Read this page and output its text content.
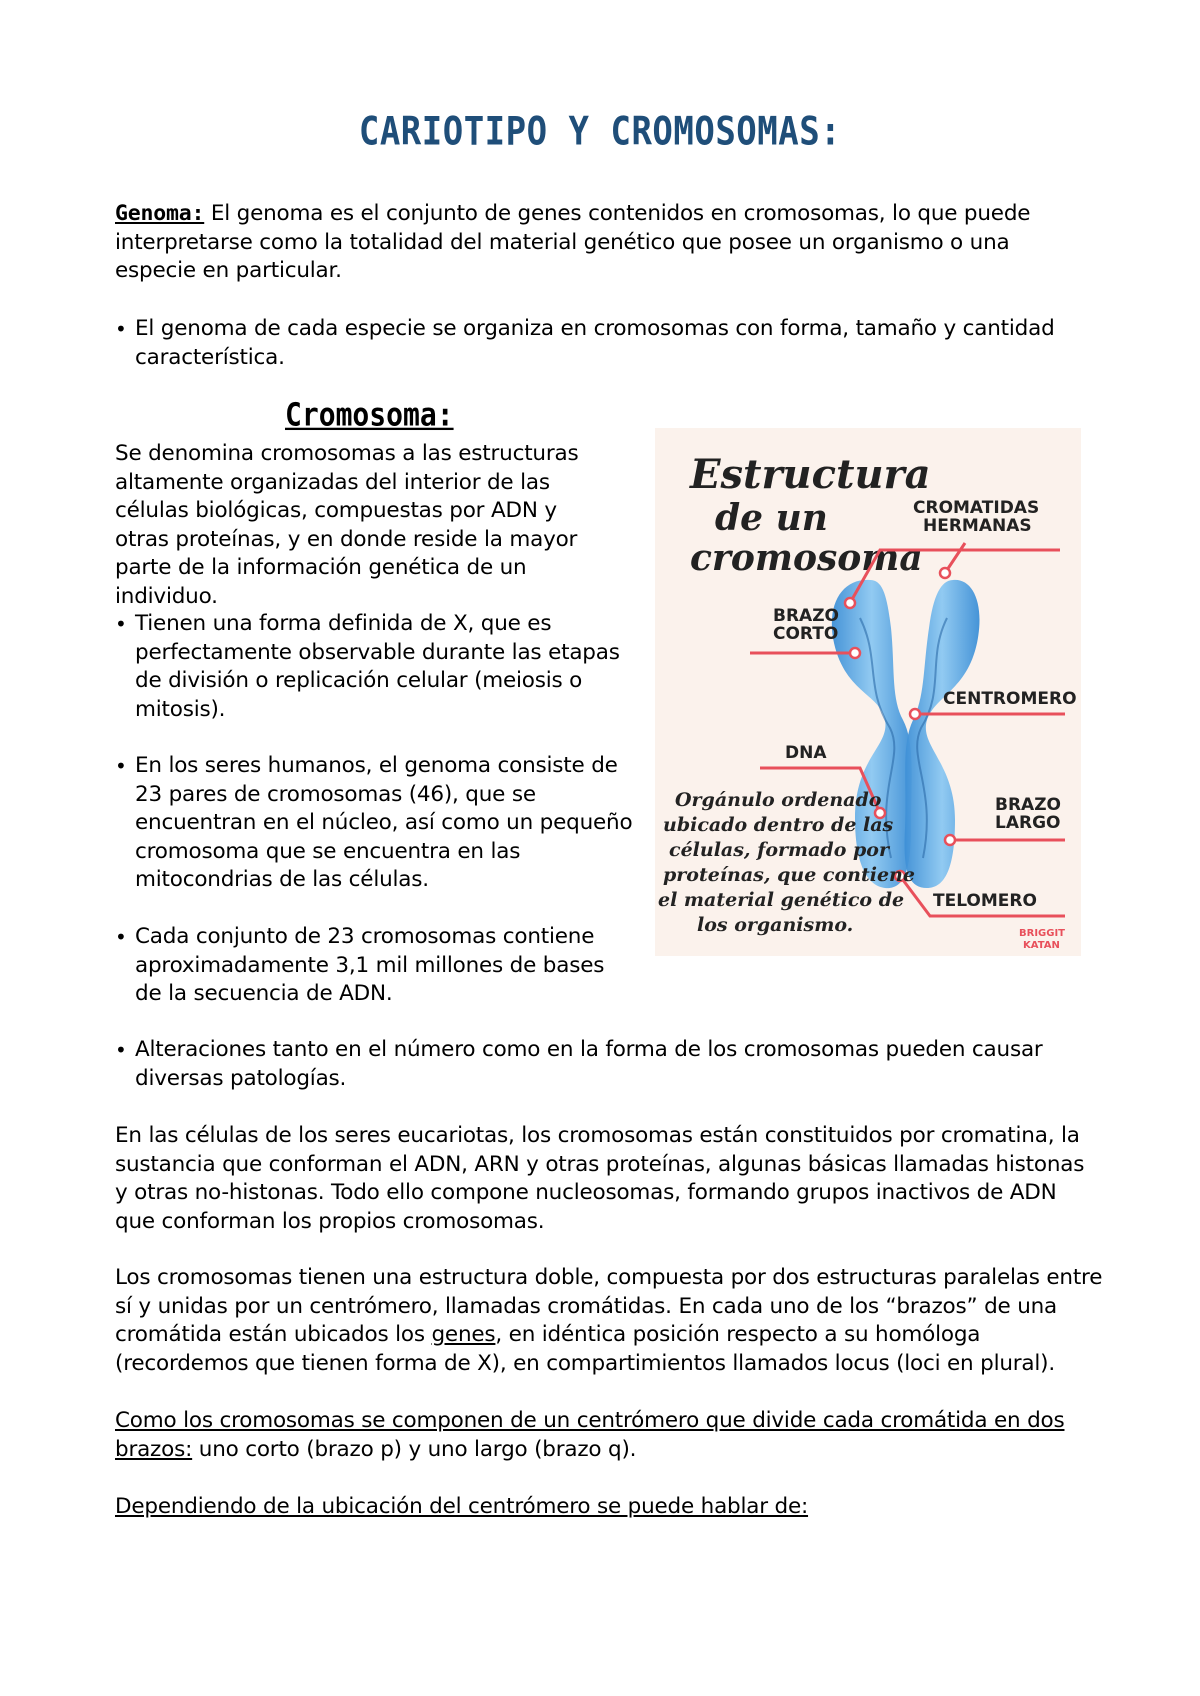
CARIOTIPO Y CROMOSOMAS:
Genoma: El genoma es el conjunto de genes contenidos en cromosomas, lo que puede interpretarse como la totalidad del material genético que posee un organismo o una especie en particular.
• El genoma de cada especie se organiza en cromosomas con forma, tamaño y cantidad característica.
Cromosoma:
Se denomina cromosomas a las estructuras altamente organizadas del interior de las células biológicas, compuestas por ADN y otras proteínas, y en donde reside la mayor parte de la información genética de un individuo.
• Tienen una forma definida de X, que es perfectamente observable durante las etapas de división o replicación celular (meiosis o mitosis).
• En los seres humanos, el genoma consiste de 23 pares de cromosomas (46), que se encuentran en el núcleo, así como un pequeño cromosoma que se encuentra en las mitocondrias de las células.
• Cada conjunto de 23 cromosomas contiene aproximadamente 3,1 mil millones de bases de la secuencia de ADN.
• Alteraciones tanto en el número como en la forma de los cromosomas pueden causar diversas patologías.
En las células de los seres eucariotas, los cromosomas están constituidos por cromatina, la sustancia que conforman el ADN, ARN y otras proteínas, algunas básicas llamadas histonas y otras no-histonas. Todo ello compone nucleosomas, formando grupos inactivos de ADN que conforman los propios cromosomas.
Los cromosomas tienen una estructura doble, compuesta por dos estructuras paralelas entre sí y unidas por un centrómero, llamadas cromátidas. En cada uno de los “brazos” de una cromátida están ubicados los genes, en idéntica posición respecto a su homóloga (recordemos que tienen forma de X), en compartimientos llamados locus (loci en plural).
Como los cromosomas se componen de un centrómero que divide cada cromátida en dos brazos: uno corto (brazo p) y uno largo (brazo q).
Dependiendo de la ubicación del centrómero se puede hablar de:
Estructura
de un
cromosoma
CROMATIDAS
HERMANAS
BRAZO
CORTO
CENTROMERO
DNA
BRAZO
LARGO
TELOMERO
Orgánulo ordenado
ubicado dentro de las
células, formado por
proteínas, que contiene
el material genético de
los organismo.	BRIGGIT
KATAN
